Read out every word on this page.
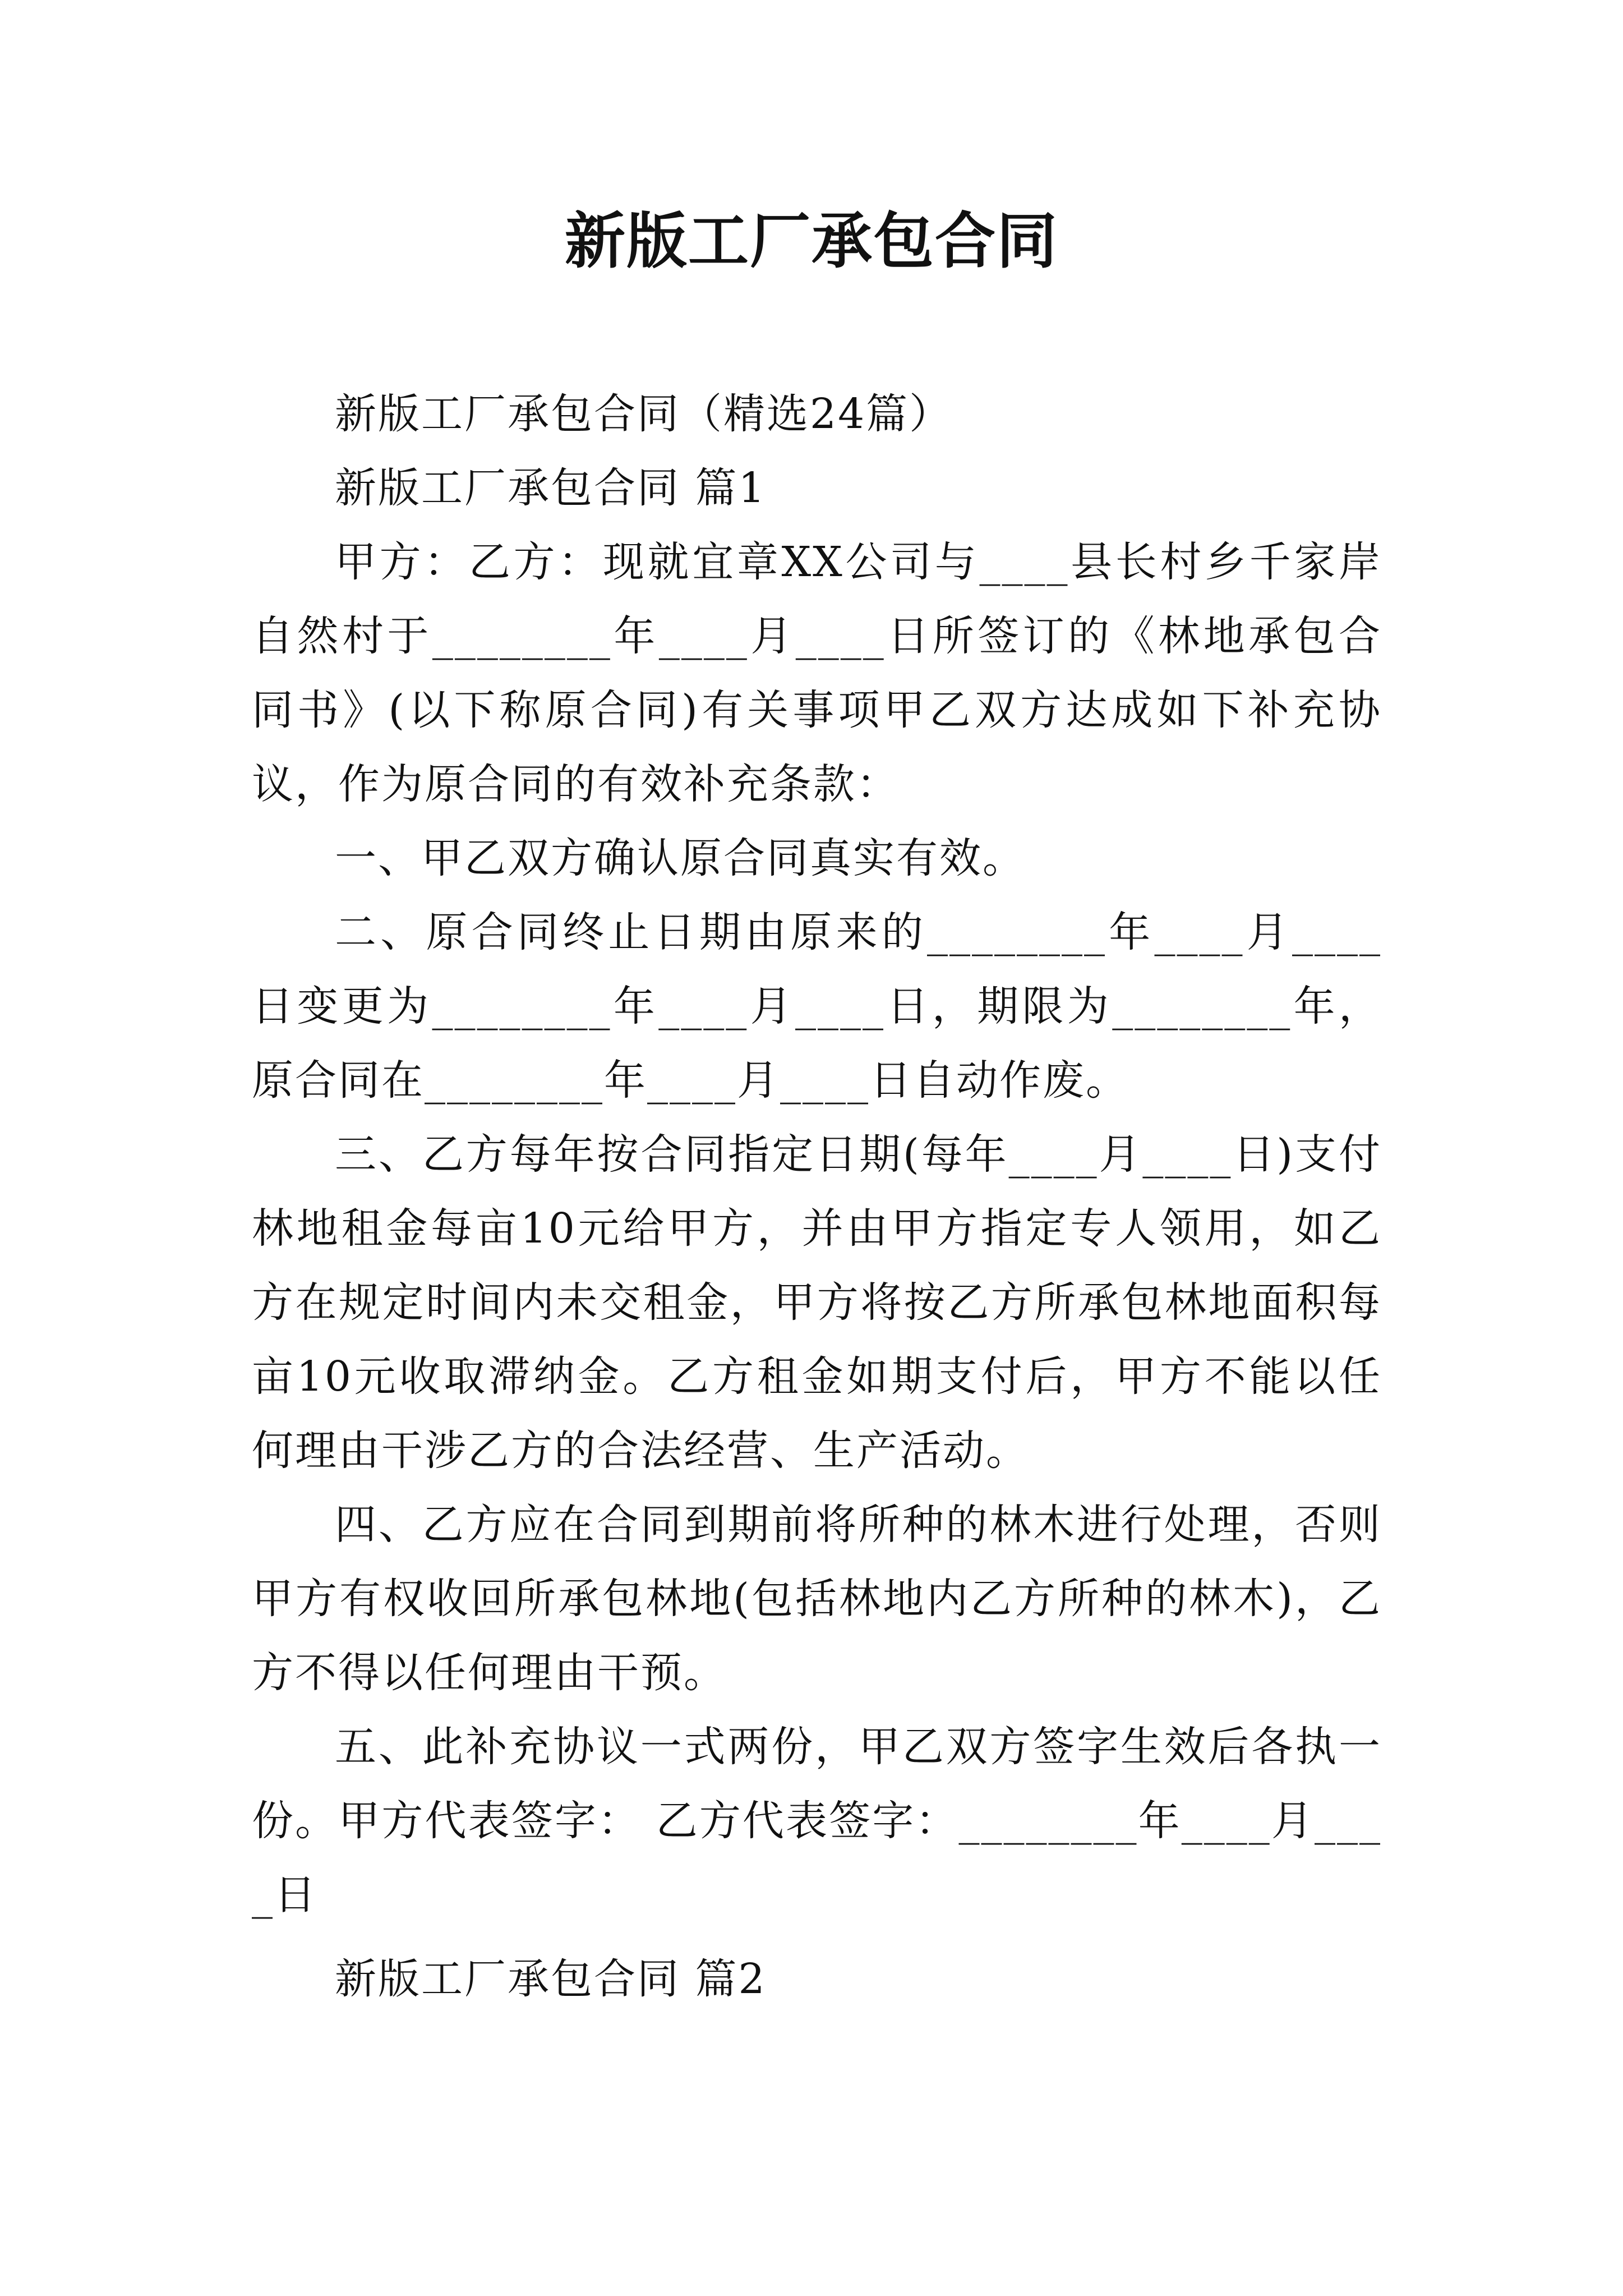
新版工厂承包合同

新版工厂承包合同（精选24篇）

新版工厂承包合同 篇1

甲方：乙方：现就宜章XX公司与____县长村乡千家岸自然村于________年____月____日所签订的《林地承包合同书》(以下称原合同)有关事项甲乙双方达成如下补充协议，作为原合同的有效补充条款：

一、甲乙双方确认原合同真实有效。

二、原合同终止日期由原来的________年____月____日变更为________年____月____日，期限为________年，原合同在________年____月____日自动作废。

三、乙方每年按合同指定日期(每年____月____日)支付林地租金每亩10元给甲方，并由甲方指定专人领用，如乙方在规定时间内未交租金，甲方将按乙方所承包林地面积每亩10元收取滞纳金。乙方租金如期支付后，甲方不能以任何理由干涉乙方的合法经营、生产活动。

四、乙方应在合同到期前将所种的林木进行处理，否则甲方有权收回所承包林地(包括林地内乙方所种的林木)，乙方不得以任何理由干预。

五、此补充协议一式两份，甲乙双方签字生效后各执一份。甲方代表签字： 乙方代表签字：________年____月____日

新版工厂承包合同 篇2
